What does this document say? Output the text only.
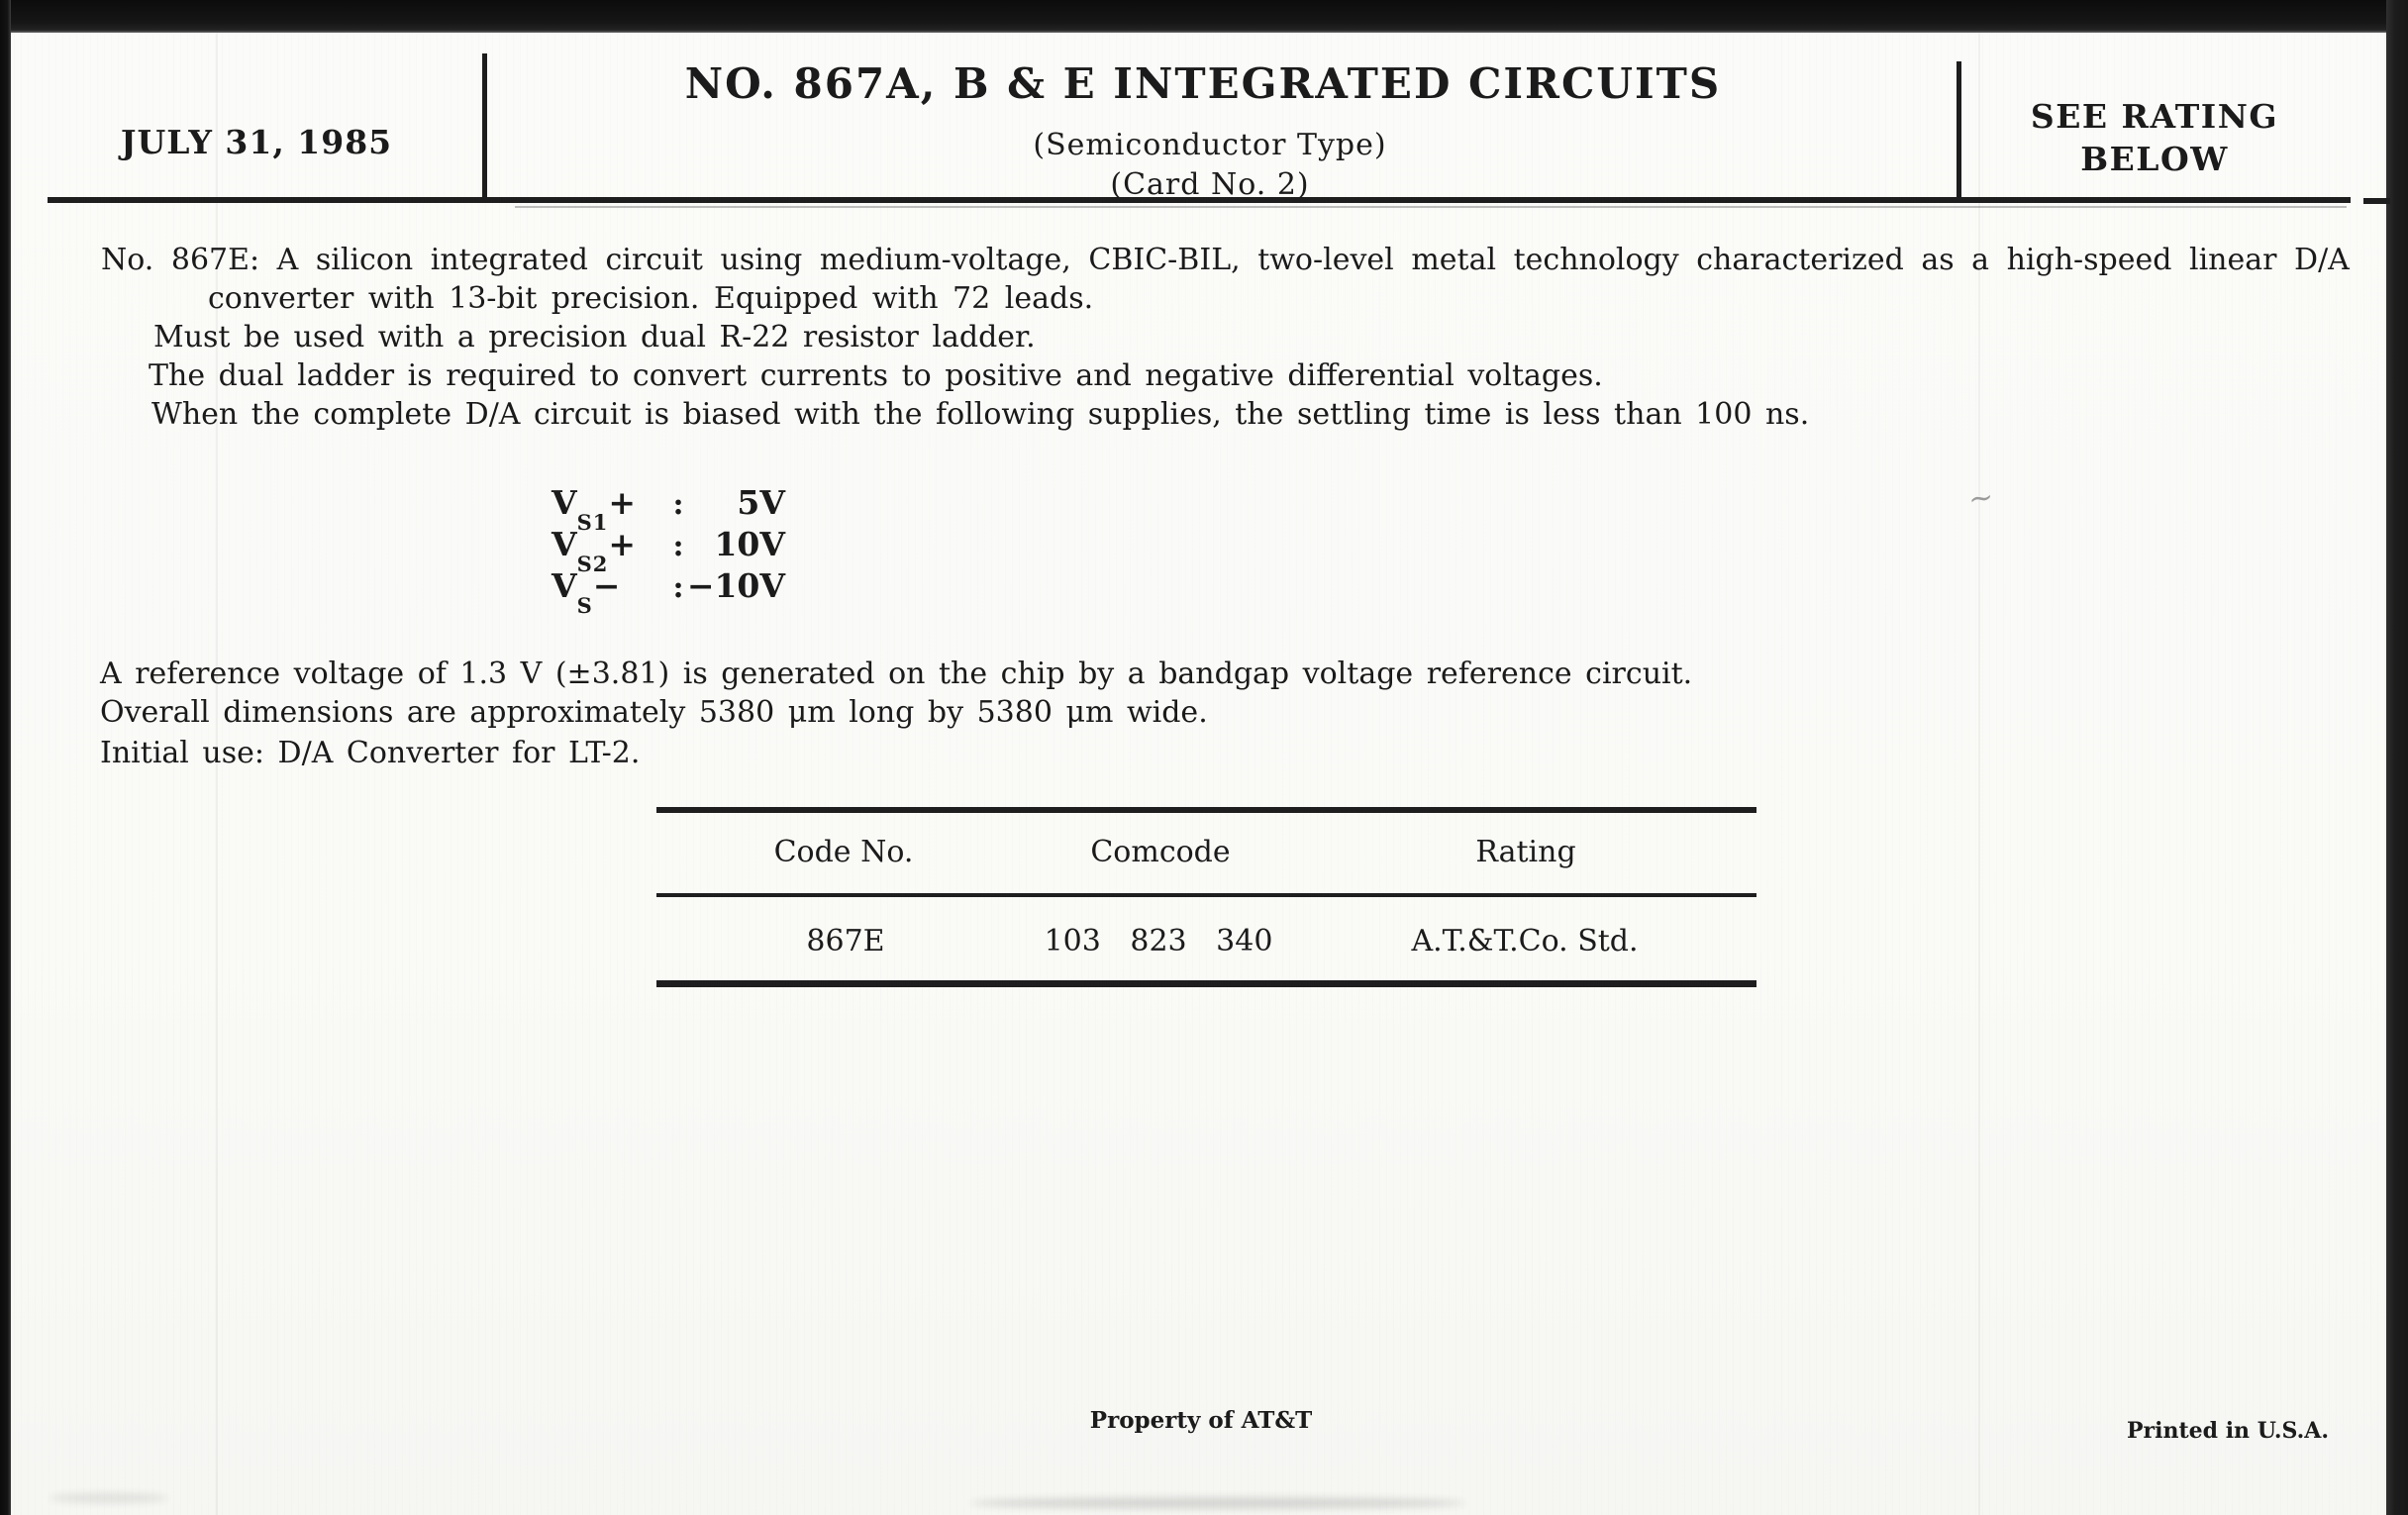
~
JULY 31, 1985
NO. 867A, B & E INTEGRATED CIRCUITS
(Semiconductor Type)
(Card No. 2)
SEE RATING
BELOW
No. 867E: A silicon integrated circuit using medium-voltage, CBIC-BIL, two-level metal technology characterized as a high-speed linear D/A
converter with 13-bit precision. Equipped with 72 leads.
Must be used with a precision dual R-22 resistor ladder.
The dual ladder is required to convert currents to positive and negative differential voltages.
When the complete D/A circuit is biased with the following supplies, the settling time is less than 100 ns.
VS1+	:	5V
VS2+	: 10V
VS−	: −10V
A reference voltage of 1.3 V (±3.81) is generated on the chip by a bandgap voltage reference circuit.
Overall dimensions are approximately 5380 μm long by 5380 μm wide.
Initial use: D/A Converter for LT-2.
Code No.	Comcode	Rating
867E	103 823 340	A.T.&T.Co. Std.
Property of AT&T	Printed in U.S.A.
